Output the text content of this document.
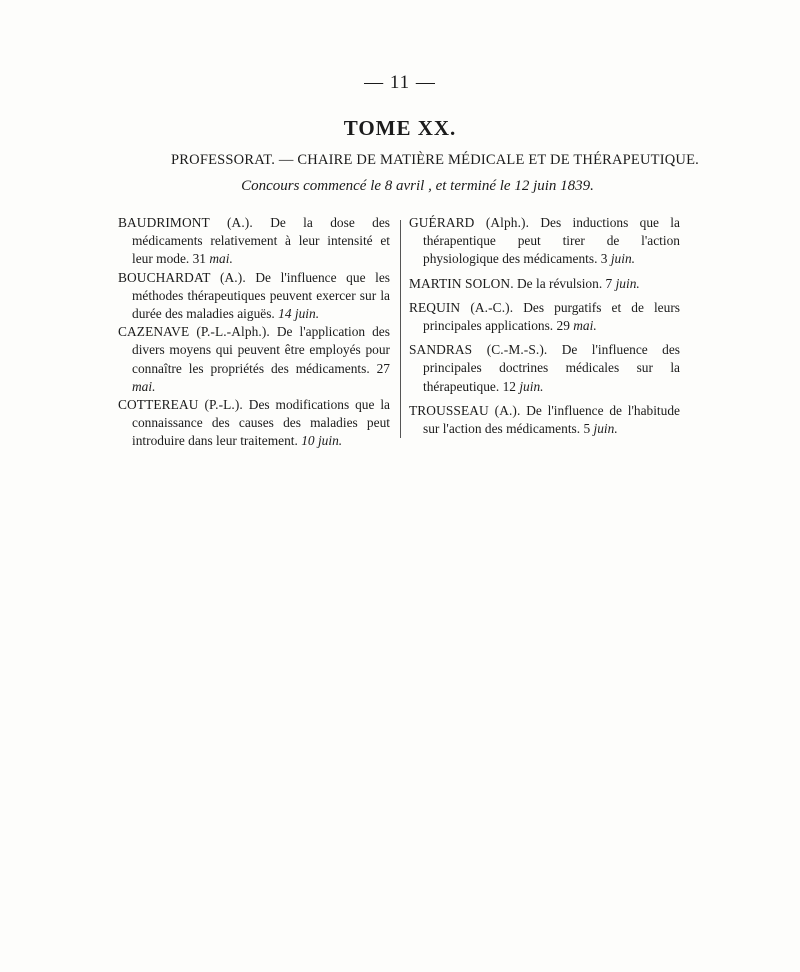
— 11 —
TOME XX.
PROFESSORAT. — CHAIRE DE MATIÈRE MÉDICALE ET DE THÉRAPEUTIQUE.
Concours commencé le 8 avril , et terminé le 12 juin 1839.
BAUDRIMONT (A.). De la dose des médicaments relativement à leur intensité et leur mode. 31 mai.
BOUCHARDAT (A.). De l'influence que les méthodes thérapeutiques peuvent exercer sur la durée des maladies aiguës. 14 juin.
CAZENAVE (P.-L.-Alph.). De l'application des divers moyens qui peuvent être employés pour connaître les propriétés des médicaments. 27 mai.
COTTEREAU (P.-L.). Des modifications que la connaissance des causes des maladies peut introduire dans leur traitement. 10 juin.
GUÉRARD (Alph.). Des inductions que la thérapentique peut tirer de l'action physiologique des médicaments. 3 juin.
MARTIN SOLON. De la révulsion. 7 juin.
REQUIN (A.-C.). Des purgatifs et de leurs principales applications. 29 mai.
SANDRAS (C.-M.-S.). De l'influence des principales doctrines médicales sur la thérapeutique. 12 juin.
TROUSSEAU (A.). De l'influence de l'habitude sur l'action des médicaments. 5 juin.
